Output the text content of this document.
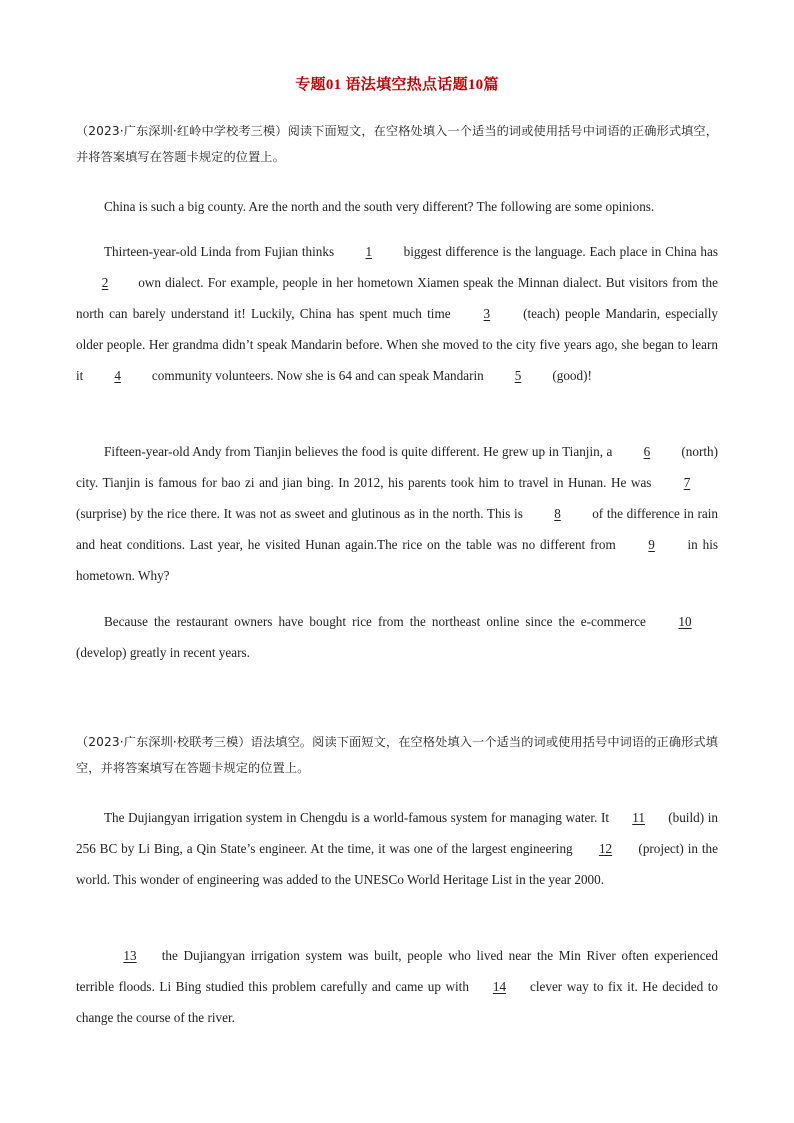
专题01 语法填空热点话题10篇
（2023·广东深圳·红岭中学校考三模）阅读下面短文，在空格处填入一个适当的词或使用括号中词语的正确形式填空，并将答案填写在答题卡规定的位置上。
China is such a big county. Are the north and the south very different? The following are some opinions.
Thirteen-year-old Linda from Fujian thinks 1 biggest difference is the language. Each place in China has 2 own dialect. For example, people in her hometown Xiamen speak the Minnan dialect. But visitors from the north can barely understand it! Luckily, China has spent much time 3 (teach) people Mandarin, especially older people. Her grandma didn’t speak Mandarin before. When she moved to the city five years ago, she began to learn it 4 community volunteers. Now she is 64 and can speak Mandarin 5 (good)!
Fifteen-year-old Andy from Tianjin believes the food is quite different. He grew up in Tianjin, a 6 (north) city. Tianjin is famous for bao zi and jian bing. In 2012, his parents took him to travel in Hunan. He was 7 (surprise) by the rice there. It was not as sweet and glutinous as in the north. This is 8 of the difference in rain and heat conditions. Last year, he visited Hunan again.The rice on the table was no different from 9 in his hometown. Why?
Because the restaurant owners have bought rice from the northeast online since the e-commerce 10 (develop) greatly in recent years.
（2023·广东深圳·校联考三模）语法填空。阅读下面短文，在空格处填入一个适当的词或使用括号中词语的正确形式填空，并将答案填写在答题卡规定的位置上。
The Dujiangyan irrigation system in Chengdu is a world-famous system for managing water. It 11 (build) in 256 BC by Li Bing, a Qin State’s engineer. At the time, it was one of the largest engineering 12 (project) in the world. This wonder of engineering was added to the UNESCo World Heritage List in the year 2000.
13 the Dujiangyan irrigation system was built, people who lived near the Min River often experienced terrible floods. Li Bing studied this problem carefully and came up with 14 clever way to fix it. He decided to change the course of the river.
